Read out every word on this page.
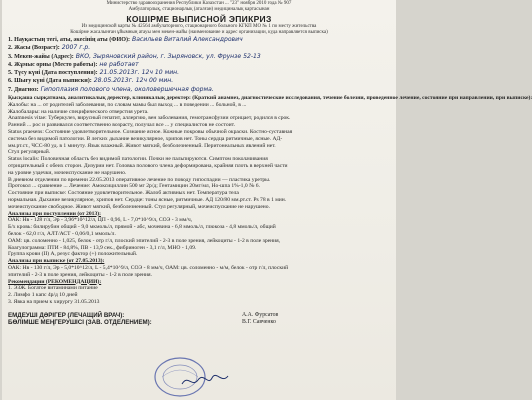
Министерство здравоохранения Республики Казахстан ... "23" ноября 2010 года № 907
Амбулаторлық, стационарлық (аталған) медициналық картасынан
КОШІРМЕ ВЫПИСНОЙ ЭПИКРИЗ
Из медицинской карты № 42564 амбулаторного, стационарного больного КГКП МО № 1 по месту жительства
Кошірме жасалынған ұйымның атауы мен мекен-жайы (наименование и адрес организации, куда направляется выписка)
1. Науқастың тегі, аты, әкесінің аты (ФИО): Васильев Виталий Александрович
2. Жасы (Возраст): 2007 г.р.
3. Мекен-жайы (Адрес): ВКО, Зыряновский район, г. Зыряновск, ул. Фрунзе 52-13
4. Жұмыс орны (Место работы): не работает
5. Түсу күні (Дата поступления): 21.05.2013г. 12ч 10 мин.
6. Шығу күні (Дата выписки): 28.05.2013г. 12ч 00 мин.
7. Диагноз: Гипоплазия полового члена, околовершечная форма.
Қысқаша сырқатнама, аналитикалық деректер, клиникалық деректер: (Краткий анамнез, диагностические исследования, течение болезни, проведенное лечение, состояние при направлении, при выписке):
Жалобы: на ... от родителей заболевания, по словам мамы был выход ... в поведении ... больной, в ...
Жалобалары: на наличие специфического отверстия урета.
Anamnesis vitae: Туберкулез, вирусный гепатит, аллергию, вен заболевания, гемотрансфузии отрицает, родился в срок.
Ранний ... рос и развивался соответственно возрасту, получал все ... у специалистов не состоит.
Status praesens: Состояние удовлетворительное. Сознание ясное. Кожные покровы обычной окраски. Костно-суставная
система без видимой патологии. В легких дыхание везикулярное, хрипов нет. Тоны сердца ритмичные, ясные. АД-
мм.рт.ст., ЧСС-80 уд. в 1 минуту. Язык влажный. Живот мягкий, безболезненный. Перитонеальных явлений нет.
Стул регулярный.
Status localis: Половичная область без видимой патологии. Почки не пальпируются. Симптом поколачивания
отрицательный с обеих сторон. Дизурии нет. Головка полового члена деформирована, крайняя плоть в верхней части
на уровне уздечки, мочеиспускание не нарушено.
В дневном отделении по времени 22.05.2013 оперативное лечение по поводу гипоспадии — пластика уретры.
Протокол ... сравнение ... Лечение: Амоксициллин 500 мг 2р/д; Гентамицин 20мг/мл, Но-шпа 1%-1,0 № 6.
Состояние при выписке: Состояние удовлетворительное. Жалоб активных нет. Температура тела
нормальная. Дыхание везикулярное, хрипов нет. Сердце: тоны ясные, ритмичные. АД 120/80 мм.рт.ст. Ps 78 в 1 мин.
мочеиспускание свободное. Живот мягкий, безболезненный. Стул регулярный, мочеиспускание не нарушено.
Анализы при поступлении (от 2013):
ОАК: Нв - 128 г/л, Эр - 3,96*10^12/л, ЦП - 0,96, L - 7,0*10^9/л, СОЭ - 3 мм/ч,
Б/х кровь: билирубин общий - 9,0 мкмоль/л, прямой - абс, мочевина - 6,8 ммоль/л, глюкоза - 4,8 ммоль/л, общий
белок - 62,0 г/л, АЛТ/АСТ - 0,06/0,1 ммоль/л.
ОАМ: цв. соломенно - 1,025, белок - отр г/л, плоский эпителий - 2-3 в поле зрения, лейкоциты - 1-2 в поле зрения,
Коагулограмма: ПТИ - 84,8%, ПВ - 13,9 сек., фибриноген - 3,1 г/л, МНО - 1,09.
Группа крови (II) А, резус фактор (+) положительный.
Анализы при выписке (от 27.05.2013):
ОАК: Нв - 130 г/л, Эр - 5,0*10^12/л, L - 5,4*10^9/л, СОЭ - 8 мм/ч, ОАМ: цв. соломенно - м/м, белок - отр г/л, плоский
эпителий - 2-3 в поле зрения, лейкоциты - 1-2 в поле зрения.
Рекомендации (РЕКОМЕНДАЦИИ):
1. ЭЗЖ. Богатое витаминами питание
2. Лимфо 1 капс 4р/д 10 дней
3. Явка на прием к хирургу 31.05.2013
ЕМДЕУШІ ДӘРІГЕР (ЛЕЧАЩИЙ ВРАЧ):	А.А. Фурсатов
БӨЛІМШЕ МЕҢГЕРУШІСІ (ЗАВ. ОТДЕЛЕНИЕМ):	В.Г. Савченко
